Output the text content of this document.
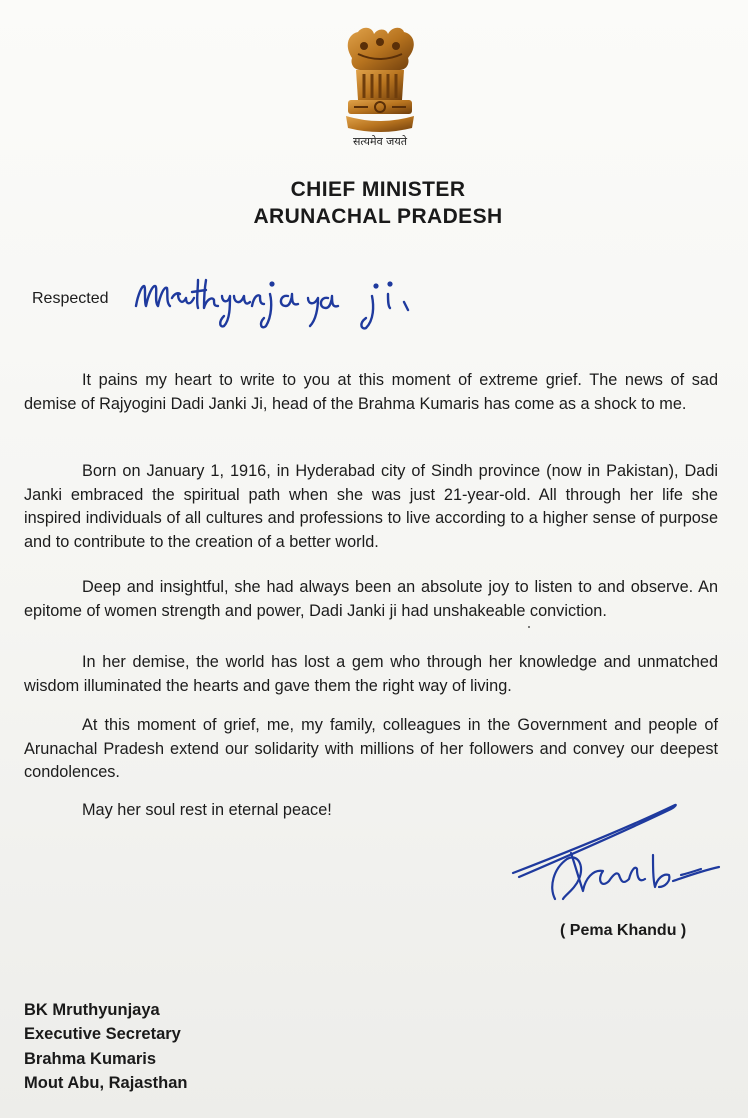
सत्यमेव जयते
CHIEF MINISTER
ARUNACHAL PRADESH
Respected

It pains my heart to write to you at this moment of extreme grief. The news of sad demise of Rajyogini Dadi Janki Ji, head of the Brahma Kumaris has come as a shock to me.

Born on January 1, 1916, in Hyderabad city of Sindh province (now in Pakistan), Dadi Janki embraced the spiritual path when she was just 21-year-old. All through her life she inspired individuals of all cultures and professions to live according to a higher sense of purpose and to contribute to the creation of a better world.

Deep and insightful, she had always been an absolute joy to listen to and observe. An epitome of women strength and power, Dadi Janki ji had unshakeable conviction.

In her demise, the world has lost a gem who through her knowledge and unmatched wisdom illuminated the hearts and gave them the right way of living.

At this moment of grief, me, my family, colleagues in the Government and people of Arunachal Pradesh extend our solidarity with millions of her followers and convey our deepest condolences.

May her soul rest in eternal peace!

( Pema Khandu )
BK Mruthyunjaya
Executive Secretary
Brahma Kumaris
Mout Abu, Rajasthan
